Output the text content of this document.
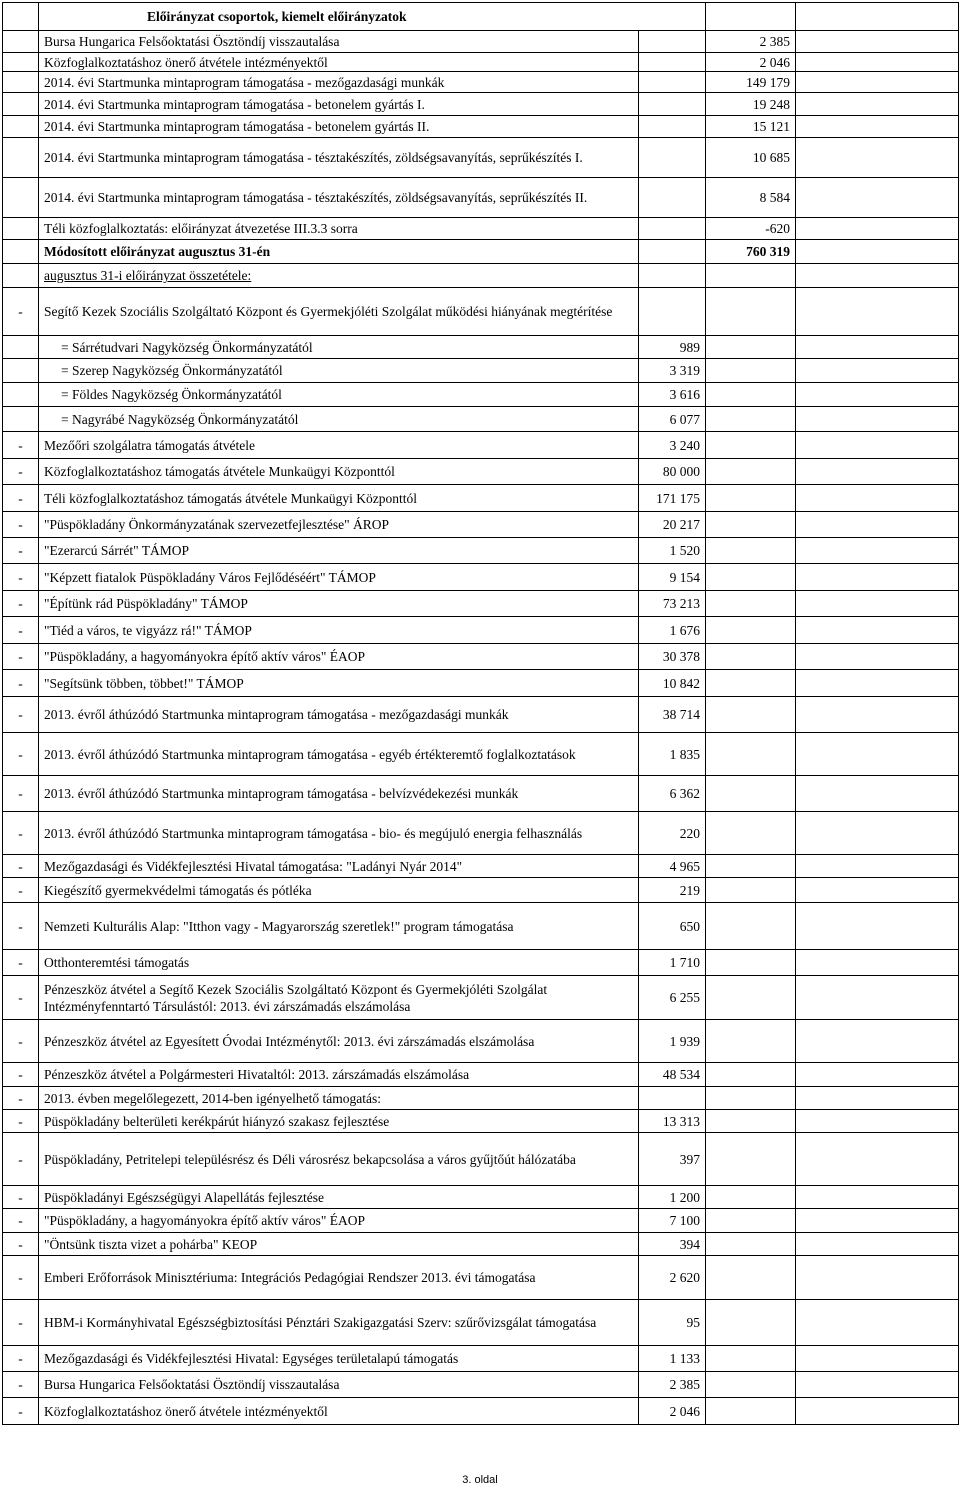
	Előirányzat csoportok, kiemelt előirányzatok			
	Bursa Hungarica Felsőoktatási Ösztöndíj visszautalása		2 385	
	Közfoglalkoztatáshoz önerő átvétele intézményektől		2 046	
	2014. évi Startmunka mintaprogram támogatása - mezőgazdasági munkák		149 179	
	2014. évi Startmunka mintaprogram támogatása - betonelem gyártás I.		19 248	
	2014. évi Startmunka mintaprogram támogatása - betonelem gyártás II.		15 121	
	2014. évi Startmunka mintaprogram támogatása - tésztakészítés, zöldségsavanyítás, seprűkészítés I.		10 685	
	2014. évi Startmunka mintaprogram támogatása - tésztakészítés, zöldségsavanyítás, seprűkészítés II.		8 584	
	Téli közfoglalkoztatás: előirányzat átvezetése III.3.3 sorra		-620	
	Módosított előirányzat augusztus 31-én		760 319	
	augusztus 31-i előirányzat összetétele:			
-	Segítő Kezek Szociális Szolgáltató Központ és Gyermekjóléti Szolgálat működési hiányának megtérítése			
	= Sárrétudvari Nagyközség Önkormányzatától	989		
	= Szerep Nagyközség Önkormányzatától	3 319		
	= Földes Nagyközség Önkormányzatától	3 616		
	= Nagyrábé Nagyközség Önkormányzatától	6 077		
-	Mezőőri szolgálatra támogatás átvétele	3 240		
-	Közfoglalkoztatáshoz támogatás átvétele Munkaügyi Központtól	80 000		
-	Téli közfoglalkoztatáshoz támogatás átvétele Munkaügyi Központtól	171 175		
-	"Püspökladány Önkormányzatának szervezetfejlesztése" ÁROP	20 217		
-	"Ezerarcú Sárrét" TÁMOP	1 520		
-	"Képzett fiatalok Püspökladány Város Fejlődéséért" TÁMOP	9 154		
-	"Építünk rád Püspökladány" TÁMOP	73 213		
-	"Tiéd a város, te vigyázz rá!" TÁMOP	1 676		
-	"Püspökladány, a hagyományokra építő aktív város" ÉAOP	30 378		
-	"Segítsünk többen, többet!" TÁMOP	10 842		
-	2013. évről áthúzódó Startmunka mintaprogram támogatása - mezőgazdasági munkák	38 714		
-	2013. évről áthúzódó Startmunka mintaprogram támogatása - egyéb értékteremtő foglalkoztatások	1 835		
-	2013. évről áthúzódó Startmunka mintaprogram támogatása - belvízvédekezési munkák	6 362		
-	2013. évről áthúzódó Startmunka mintaprogram támogatása - bio- és megújuló energia felhasználás	220		
-	Mezőgazdasági és Vidékfejlesztési Hivatal támogatása: "Ladányi Nyár 2014"	4 965		
-	Kiegészítő gyermekvédelmi támogatás és pótléka	219		
-	Nemzeti Kulturális Alap: "Itthon vagy - Magyarország szeretlek!" program támogatása	650		
-	Otthonteremtési támogatás	1 710		
-	Pénzeszköz átvétel a Segítő Kezek Szociális Szolgáltató Központ és Gyermekjóléti Szolgálat Intézményfenntartó Társulástól: 2013. évi zárszámadás elszámolása	6 255		
-	Pénzeszköz átvétel az Egyesített Óvodai Intézménytől: 2013. évi zárszámadás elszámolása	1 939		
-	Pénzeszköz átvétel a Polgármesteri Hivataltól: 2013. zárszámadás elszámolása	48 534		
-	2013. évben megelőlegezett, 2014-ben igényelhető támogatás:			
-	Püspökladány belterületi kerékpárút hiányzó szakasz fejlesztése	13 313		
-	Püspökladány, Petritelepi településrész és Déli városrész bekapcsolása a város gyűjtőút hálózatába	397		
-	Püspökladányi Egészségügyi Alapellátás fejlesztése	1 200		
-	"Püspökladány, a hagyományokra építő aktív város" ÉAOP	7 100		
-	"Öntsünk tiszta vizet a pohárba" KEOP	394		
-	Emberi Erőforrások Minisztériuma: Integrációs Pedagógiai Rendszer 2013. évi támogatása	2 620		
-	HBM-i Kormányhivatal Egészségbiztosítási Pénztári Szakigazgatási Szerv: szűrővizsgálat támogatása	95		
-	Mezőgazdasági és Vidékfejlesztési Hivatal: Egységes területalapú támogatás	1 133		
-	Bursa Hungarica Felsőoktatási Ösztöndíj visszautalása	2 385		
-	Közfoglalkoztatáshoz önerő átvétele intézményektől	2 046		
3. oldal
